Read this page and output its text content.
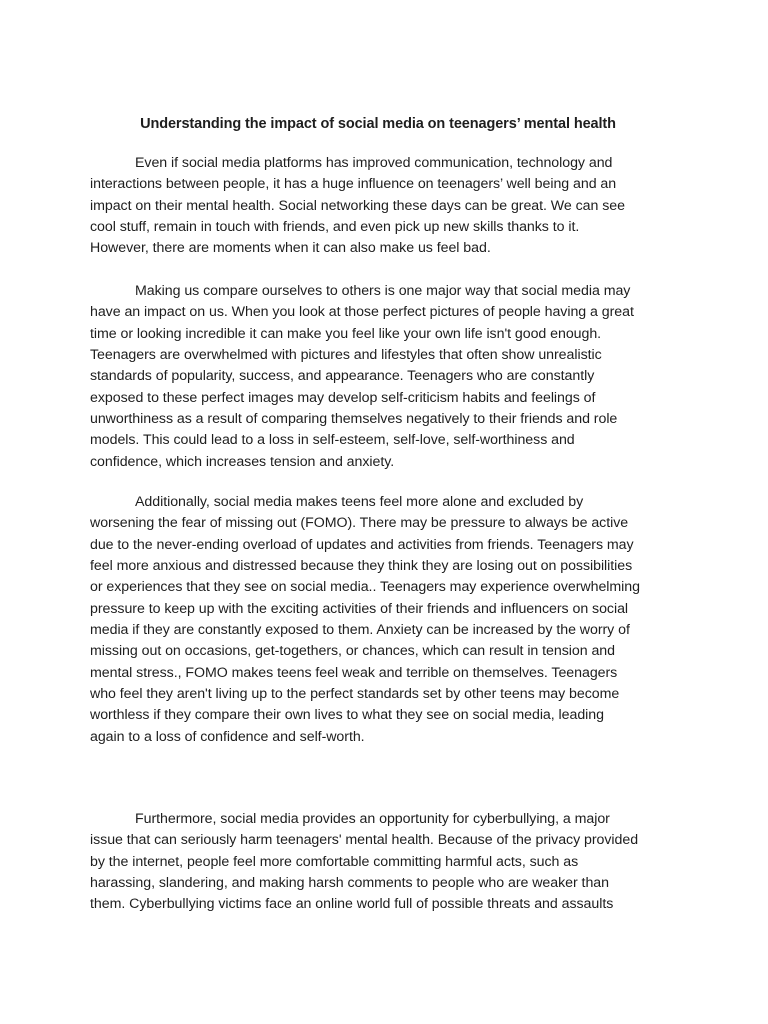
Understanding the impact of social media on teenagers’ mental health
Even if social media platforms has improved communication, technology and
interactions between people, it has a huge influence on teenagers’ well being and an
impact on their mental health. Social networking these days can be great. We can see
cool stuff, remain in touch with friends, and even pick up new skills thanks to it.
However, there are moments when it can also make us feel bad.
Making us compare ourselves to others is one major way that social media may
have an impact on us. When you look at those perfect pictures of people having a great
time or looking incredible it can make you feel like your own life isn't good enough.
Teenagers are overwhelmed with pictures and lifestyles that often show unrealistic
standards of popularity, success, and appearance. Teenagers who are constantly
exposed to these perfect images may develop self-criticism habits and feelings of
unworthiness as a result of comparing themselves negatively to their friends and role
models. This could lead to a loss in self-esteem, self-love, self-worthiness and
confidence, which increases tension and anxiety.
Additionally, social media makes teens feel more alone and excluded by
worsening the fear of missing out (FOMO). There may be pressure to always be active
due to the never-ending overload of updates and activities from friends. Teenagers may
feel more anxious and distressed because they think they are losing out on possibilities
or experiences that they see on social media.. Teenagers may experience overwhelming
pressure to keep up with the exciting activities of their friends and influencers on social
media if they are constantly exposed to them. Anxiety can be increased by the worry of
missing out on occasions, get-togethers, or chances, which can result in tension and
mental stress., FOMO makes teens feel weak and terrible on themselves. Teenagers
who feel they aren't living up to the perfect standards set by other teens may become
worthless if they compare their own lives to what they see on social media, leading
again to a loss of confidence and self-worth.
Furthermore, social media provides an opportunity for cyberbullying, a major
issue that can seriously harm teenagers' mental health. Because of the privacy provided
by the internet, people feel more comfortable committing harmful acts, such as
harassing, slandering, and making harsh comments to people who are weaker than
them. Cyberbullying victims face an online world full of possible threats and assaults
